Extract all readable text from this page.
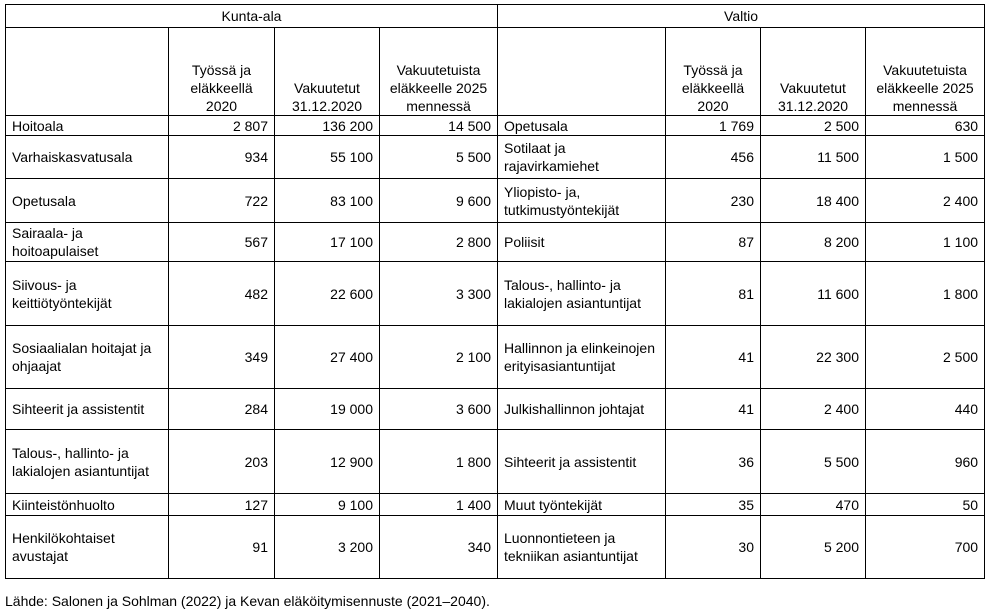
Kunta-ala				Valtio			
	Työssä ja eläkkeellä 2020	Vakuutetut 31.12.2020	Vakuutetuista eläkkeelle 2025 mennessä		Työssä ja eläkkeellä 2020	Vakuutetut 31.12.2020	Vakuutetuista eläkkeelle 2025 mennessä
Hoitoala	2 807	136 200	14 500	Opetusala	1 769	2 500	630
Varhaiskasvatusala	934	55 100	5 500	Sotilaat ja rajavirkamiehet	456	11 500	1 500
Opetusala	722	83 100	9 600	Yliopisto- ja, tutkimustyöntekijät	230	18 400	2 400
Sairaala- ja hoitoapulaiset	567	17 100	2 800	Poliisit	87	8 200	1 100
Siivous- ja keittiötyöntekijät	482	22 600	3 300	Talous-, hallinto- ja lakialojen asiantuntijat	81	11 600	1 800
Sosiaalialan hoitajat ja ohjaajat	349	27 400	2 100	Hallinnon ja elinkeinojen erityisasiantuntijat	41	22 300	2 500
Sihteerit ja assistentit	284	19 000	3 600	Julkishallinnon johtajat	41	2 400	440
Talous-, hallinto- ja lakialojen asiantuntijat	203	12 900	1 800	Sihteerit ja assistentit	36	5 500	960
Kiinteistönhuolto	127	9 100	1 400	Muut työntekijät	35	470	50
Henkilökohtaiset avustajat	91	3 200	340	Luonnontieteen ja tekniikan asiantuntijat	30	5 200	700
Lähde: Salonen ja Sohlman (2022) ja Kevan eläköitymisennuste (2021–2040).
